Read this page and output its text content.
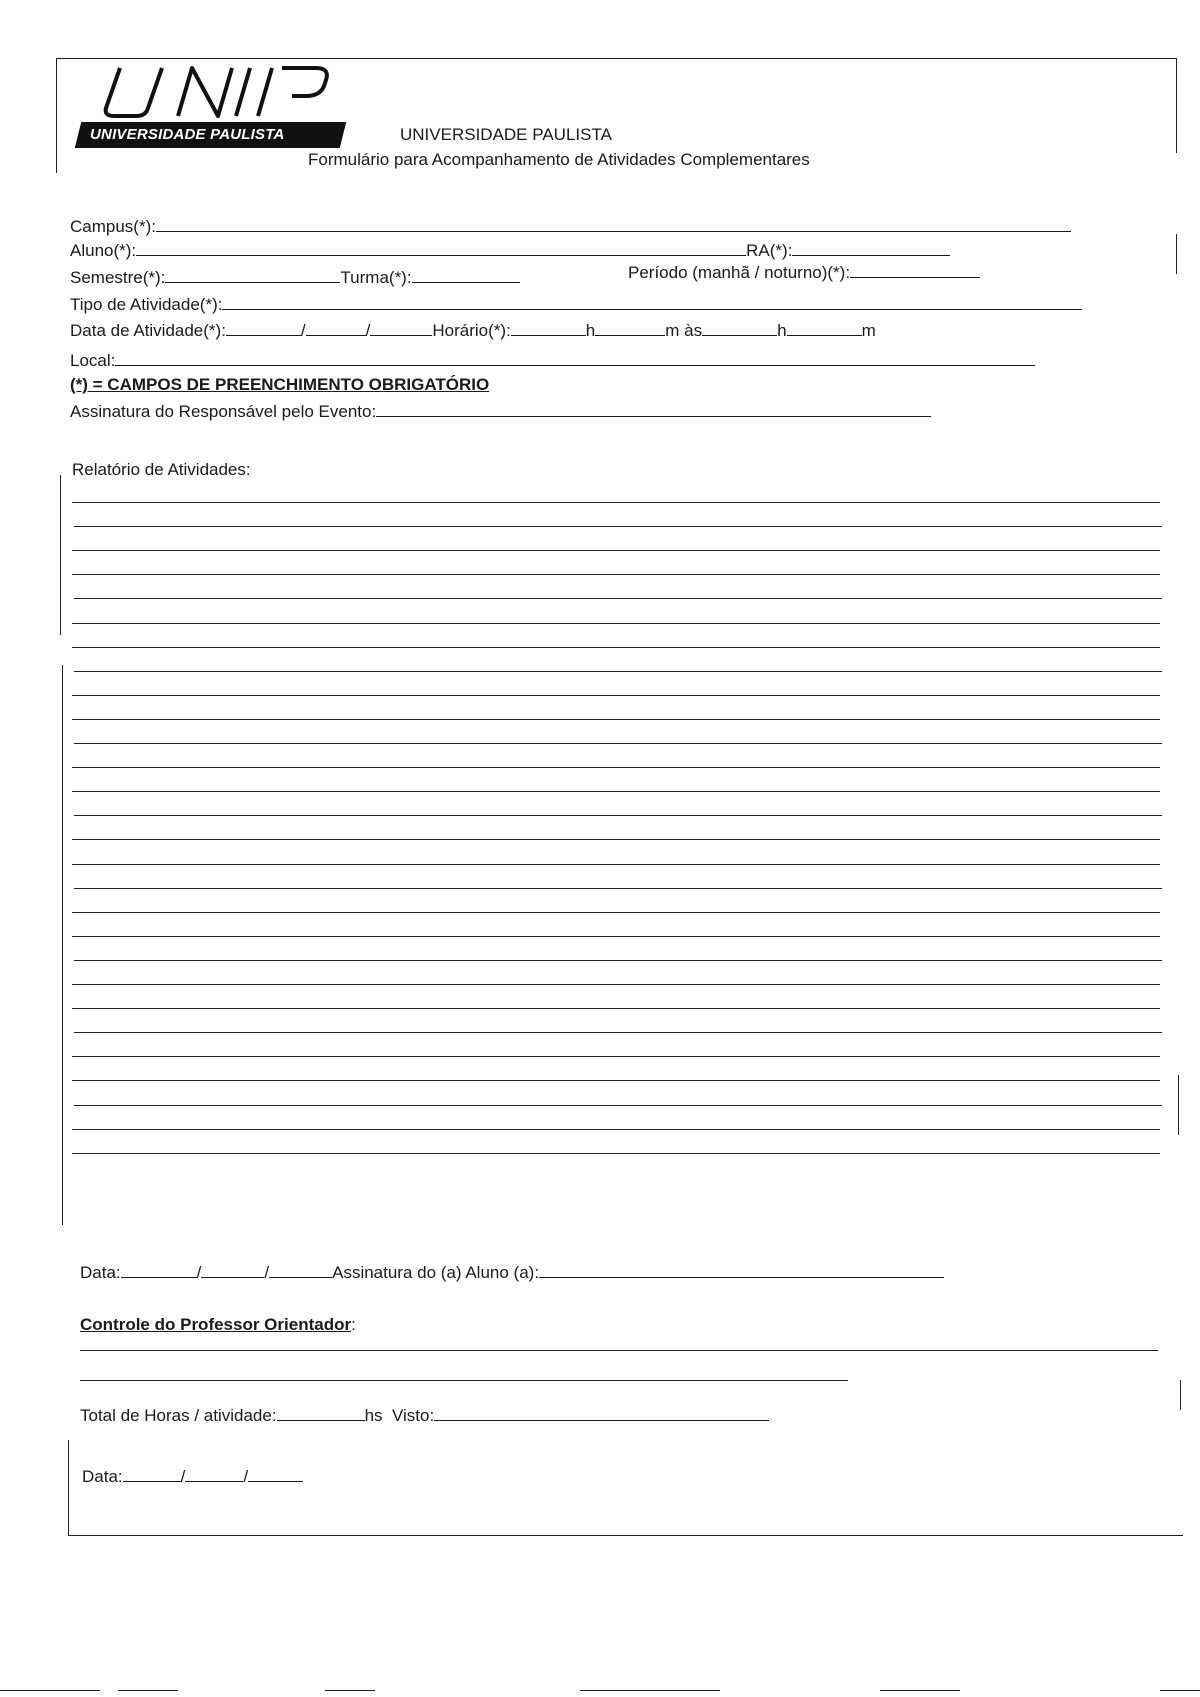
UNIVERSIDADE PAULISTA	UNIVERSIDADE PAULISTA
Formulário para Acompanhamento de Atividades Complementares
Campus(*):
Aluno(*):	RA(*):
Semestre(*):	Turma(*):	Período (manhã / noturno)(*):
Tipo de Atividade(*):
Data de Atividade(*):	/	/	Horário(*):	h	m às	h	m
Local:
(*) = CAMPOS DE PREENCHIMENTO OBRIGATÓRIO
Assinatura do Responsável pelo Evento:
Relatório de Atividades:
Data:	/	/	Assinatura do (a) Aluno (a):
Controle do Professor Orientador:
Total de Horas / atividade:	hs Visto:
Data:	/	/
